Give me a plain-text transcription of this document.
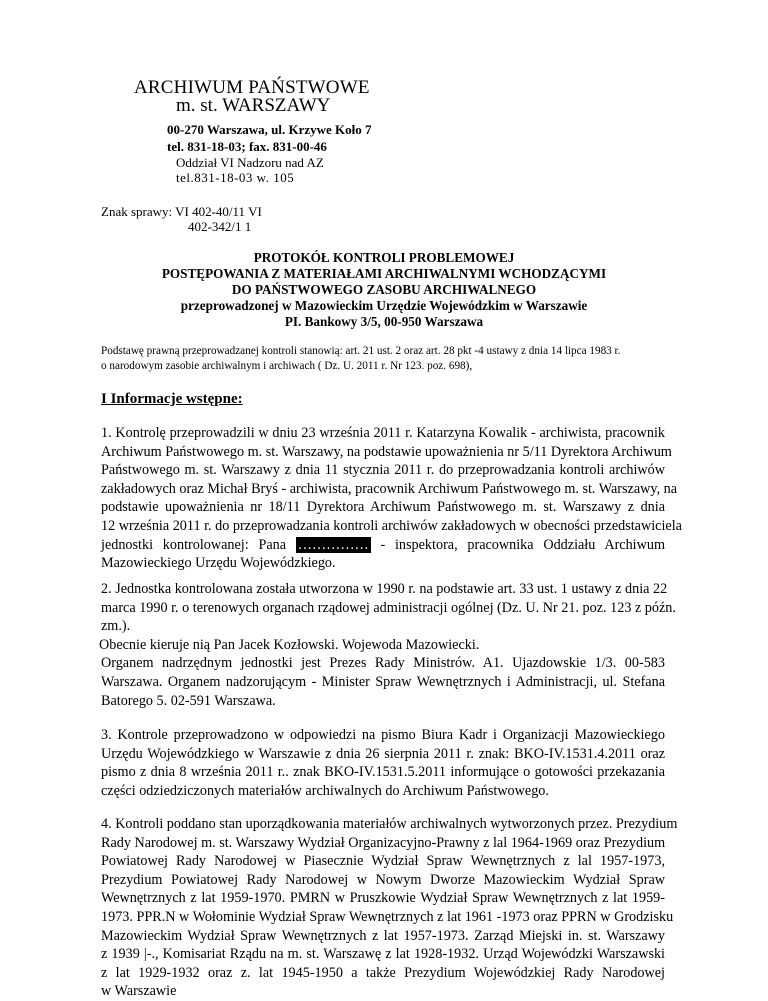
ARCHIWUM PAŃSTWOWE
m. st. WARSZAWY
00-270 Warszawa, ul. Krzywe Koło 7
tel. 831-18-03; fax. 831-00-46
Oddział VI Nadzoru nad AZ
tel.831-18-03 w. 105
Znak sprawy: VI 402-40/11 VI
402-342/1 1
PROTOKÓŁ KONTROLI PROBLEMOWEJ
POSTĘPOWANIA Z MATERIAŁAMI ARCHIWALNYMI WCHODZĄCYMI
DO PAŃSTWOWEGO ZASOBU ARCHIWALNEGO
przeprowadzonej w Mazowieckim Urzędzie Wojewódzkim w Warszawie
PI. Bankowy 3/5, 00-950 Warszawa
Podstawę prawną przeprowadzanej kontroli stanowią: art. 21 ust. 2 oraz art. 28 pkt -4 ustawy z dnia 14 lipca 1983 r.
o narodowym zasobie archiwalnym i archiwach ( Dz. U. 2011 r. Nr 123. poz. 698),
I Informacje wstępne:
1. Kontrolę przeprowadzili w dniu 23 września 2011 r. Katarzyna Kowalik - archiwista, pracownik
Archiwum Państwowego m. st. Warszawy, na podstawie upoważnienia nr 5/11 Dyrektora Archiwum
Państwowego m. st. Warszawy z dnia 11 stycznia 2011 r. do przeprowadzania kontroli archiwów
zakładowych oraz Michał Bryś - archiwista, pracownik Archiwum Państwowego m. st. Warszawy, na
podstawie upoważnienia nr 18/11 Dyrektora Archiwum Państwowego m. st. Warszawy z dnia
12 września 2011 r. do przeprowadzania kontroli archiwów zakładowych w obecności przedstawiciela
jednostki kontrolowanej: Pana …………… - inspektora, pracownika Oddziału Archiwum
Mazowieckiego Urzędu Wojewódzkiego.
2. Jednostka kontrolowana została utworzona w 1990 r. na podstawie art. 33 ust. 1 ustawy z dnia 22
marca 1990 r. o terenowych organach rządowej administracji ogólnej (Dz. U. Nr 21. poz. 123 z późn.
zm.).
Obecnie kieruje nią Pan Jacek Kozłowski. Wojewoda Mazowiecki.
Organem nadrzędnym jednostki jest Prezes Rady Ministrów. A1. Ujazdowskie 1/3. 00-583
Warszawa. Organem nadzorującym - Minister Spraw Wewnętrznych i Administracji, ul. Stefana
Batorego 5. 02-591 Warszawa.
3. Kontrole przeprowadzono w odpowiedzi na pismo Biura Kadr i Organizacji Mazowieckiego
Urzędu Wojewódzkiego w Warszawie z dnia 26 sierpnia 2011 r. znak: BKO-IV.1531.4.2011 oraz
pismo z dnia 8 września 2011 r.. znak BKO-IV.1531.5.2011 informujące o gotowości przekazania
części odziedziczonych materiałów archiwalnych do Archiwum Państwowego.
4. Kontroli poddano stan uporządkowania materiałów archiwalnych wytworzonych przez. Prezydium
Rady Narodowej m. st. Warszawy Wydział Organizacyjno-Prawny z lal 1964-1969 oraz Prezydium
Powiatowej Rady Narodowej w Piasecznie Wydział Spraw Wewnętrznych z lal 1957-1973,
Prezydium Powiatowej Rady Narodowej w Nowym Dworze Mazowieckim Wydział Spraw
Wewnętrznych z lat 1959-1970. PMRN w Pruszkowie Wydział Spraw Wewnętrznych z lat 1959-
1973. PPR.N w Wołominie Wydział Spraw Wewnętrznych z lat 1961 -1973 oraz PPRN w Grodzisku
Mazowieckim Wydział Spraw Wewnętrznych z lat 1957-1973. Zarząd Miejski in. st. Warszawy
z 1939 |-., Komisariat Rządu na m. st. Warszawę z lat 1928-1932. Urząd Wojewódzki Warszawski
z lat 1929-1932 oraz z. lat 1945-1950 a także Prezydium Wojewódzkiej Rady Narodowej
w Warszawie
